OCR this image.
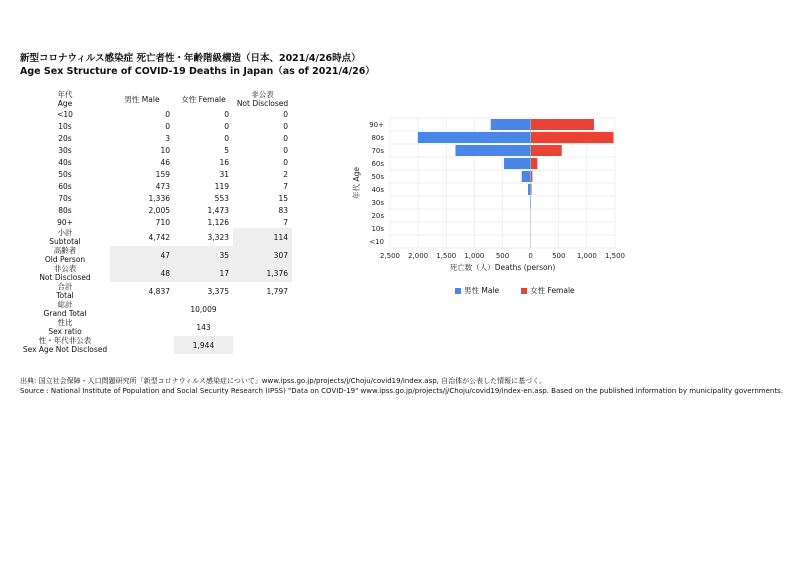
新型コロナウィルス感染症 死亡者性・年齢階級構造（日本、2021/4/26時点）
Age Sex Structure of COVID-19 Deaths in Japan（as of 2021/4/26）
年代
Age	男性 Male	女性 Female	非公表
Not Disclosed

<10	0	0	0
10s	0	0	0
20s	3	0	0
30s	10	5	0
40s	46	16	0
50s	159	31	2
60s	473	119	7
70s	1,336	553	15
80s	2,005	1,473	83
90+	710	1,126	7

小計
Subtotal	4,742	3,323	114

高齢者
Old Person	47	35	307

非公表
Not Disclosed	48	17	1,376

合計
Total	4,837	3,375	1,797

総計
Grand Total		10,009	

性比
Sex ratio		143	

性・年代非公表
Sex Age Not Disclosed		1,944	
2,500 2,000 1,500 1,000 500	0	500 1,000 1,500
<10
10s
20s
30s
40s
50s
60s
70s
80s
90+
死亡数（人）Deaths (person)
年代 Age
男性 Male	女性 Female
出典: 国立社会保障・人口問題研究所「新型コロナウィルス感染症について」www.ipss.go.jp/projects/j/Choju/covid19/index.asp, 自治体が公表した情報に基づく。
Source : National Institute of Population and Social Security Research (IPSS) "Data on COVID-19" www.ipss.go.jp/projects/j/Choju/covid19/index-en.asp. Based on the published information by municipality governments.
